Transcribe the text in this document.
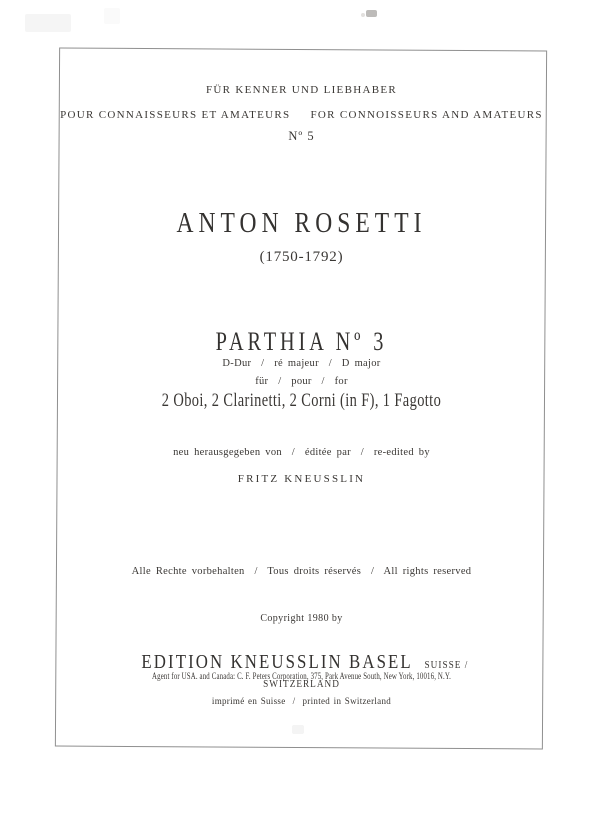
FÜR KENNER UND LIEBHABER
POUR CONNAISSEURS ET AMATEURS FOR CONNOISSEURS AND AMATEURS
Nº 5
ANTON ROSETTI
(1750-1792)
PARTHIA Nº 3
D-Dur  /  ré majeur  /  D major
für  /  pour  /  for
2 Oboi, 2 Clarinetti, 2 Corni (in F), 1 Fagotto
neu herausgegeben von  /  éditée par  /  re-edited by
FRITZ KNEUSSLIN
Alle Rechte vorbehalten  /  Tous droits réservés  /  All rights reserved
Copyright 1980 by

EDITION KNEUSSLIN BASEL SUISSE / SWITZERLAND

Agent for USA. and Canada: C. F. Peters Corporation, 375, Park Avenue South, New York, 10016, N.Y.
imprimé en Suisse  /  printed in Switzerland
